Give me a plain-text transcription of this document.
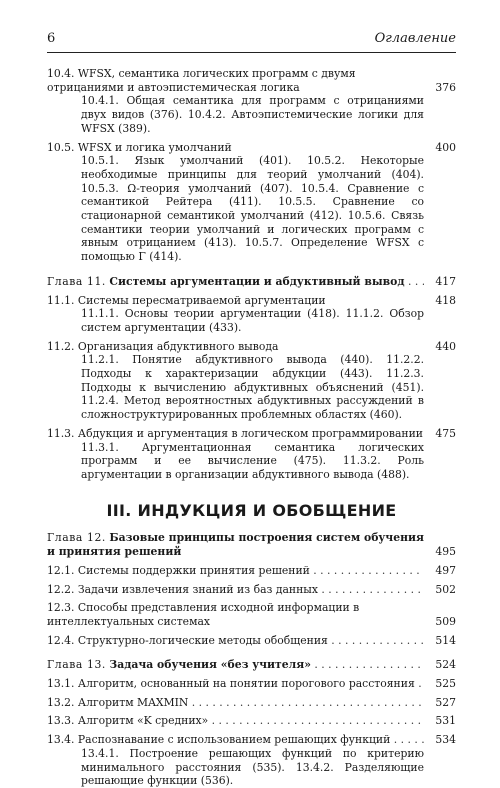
6	Оглавление
10.4. WFSX, семантика логических программ с двумя отрицаниями и автоэпистемическая логика	376
10.4.1. Общая семантика для программ с отрицаниями двух видов (376). 10.4.2. Автоэпистемические логики для WFSX (389).
10.5. WFSX и логика умолчаний	400
10.5.1. Язык умолчаний (401). 10.5.2. Некоторые необходимые принципы для теорий умолчаний (404). 10.5.3. Ω-теория умолчаний (407). 10.5.4. Сравнение с семантикой Рейтера (411). 10.5.5. Сравнение со стационарной семантикой умолчаний (412). 10.5.6. Связь семантики теории умолчаний и логических программ с явным отрицанием (413). 10.5.7. Определение WFSX с помощью Γ (414).
Глава 11. Системы аргументации и абдуктивный вывод . . .	417
11.1. Системы пересматриваемой аргументации	418
11.1.1. Основы теории аргументации (418). 11.1.2. Обзор систем аргументации (433).
11.2. Организация абдуктивного вывода	440
11.2.1. Понятие абдуктивного вывода (440). 11.2.2. Подходы к характеризации абдукции (443). 11.2.3. Подходы к вычислению абдуктивных объяснений (451). 11.2.4. Метод вероятностных абдуктивных рассуждений в сложноструктурированных проблемных областях (460).
11.3. Абдукция и аргументация в логическом программировании	475
11.3.1. Аргументационная семантика логических программ и ее вычисление (475). 11.3.2. Роль аргументации в организации абдуктивного вывода (488).
III. ИНДУКЦИЯ И ОБОБЩЕНИЕ
Глава 12. Базовые принципы построения систем обучения и принятия решений	495
12.1. Системы поддержки принятия решений . . .	497
12.2. Задачи извлечения знаний из баз данных . . .	502
12.3. Способы представления исходной информации в интеллектуальных системах	509
12.4. Структурно-логические методы обобщения . . .	514
Глава 13. Задача обучения «без учителя» . . .	524
13.1. Алгоритм, основанный на понятии порогового расстояния . . .	525
13.2. Алгоритм MAXMIN . . .	527
13.3. Алгоритм «K средних» . . .	531
13.4. Распознавание с использованием решающих функций . . .	534
13.4.1. Построение решающих функций по критерию минимального расстояния (535). 13.4.2. Разделяющие решающие функции (536).
